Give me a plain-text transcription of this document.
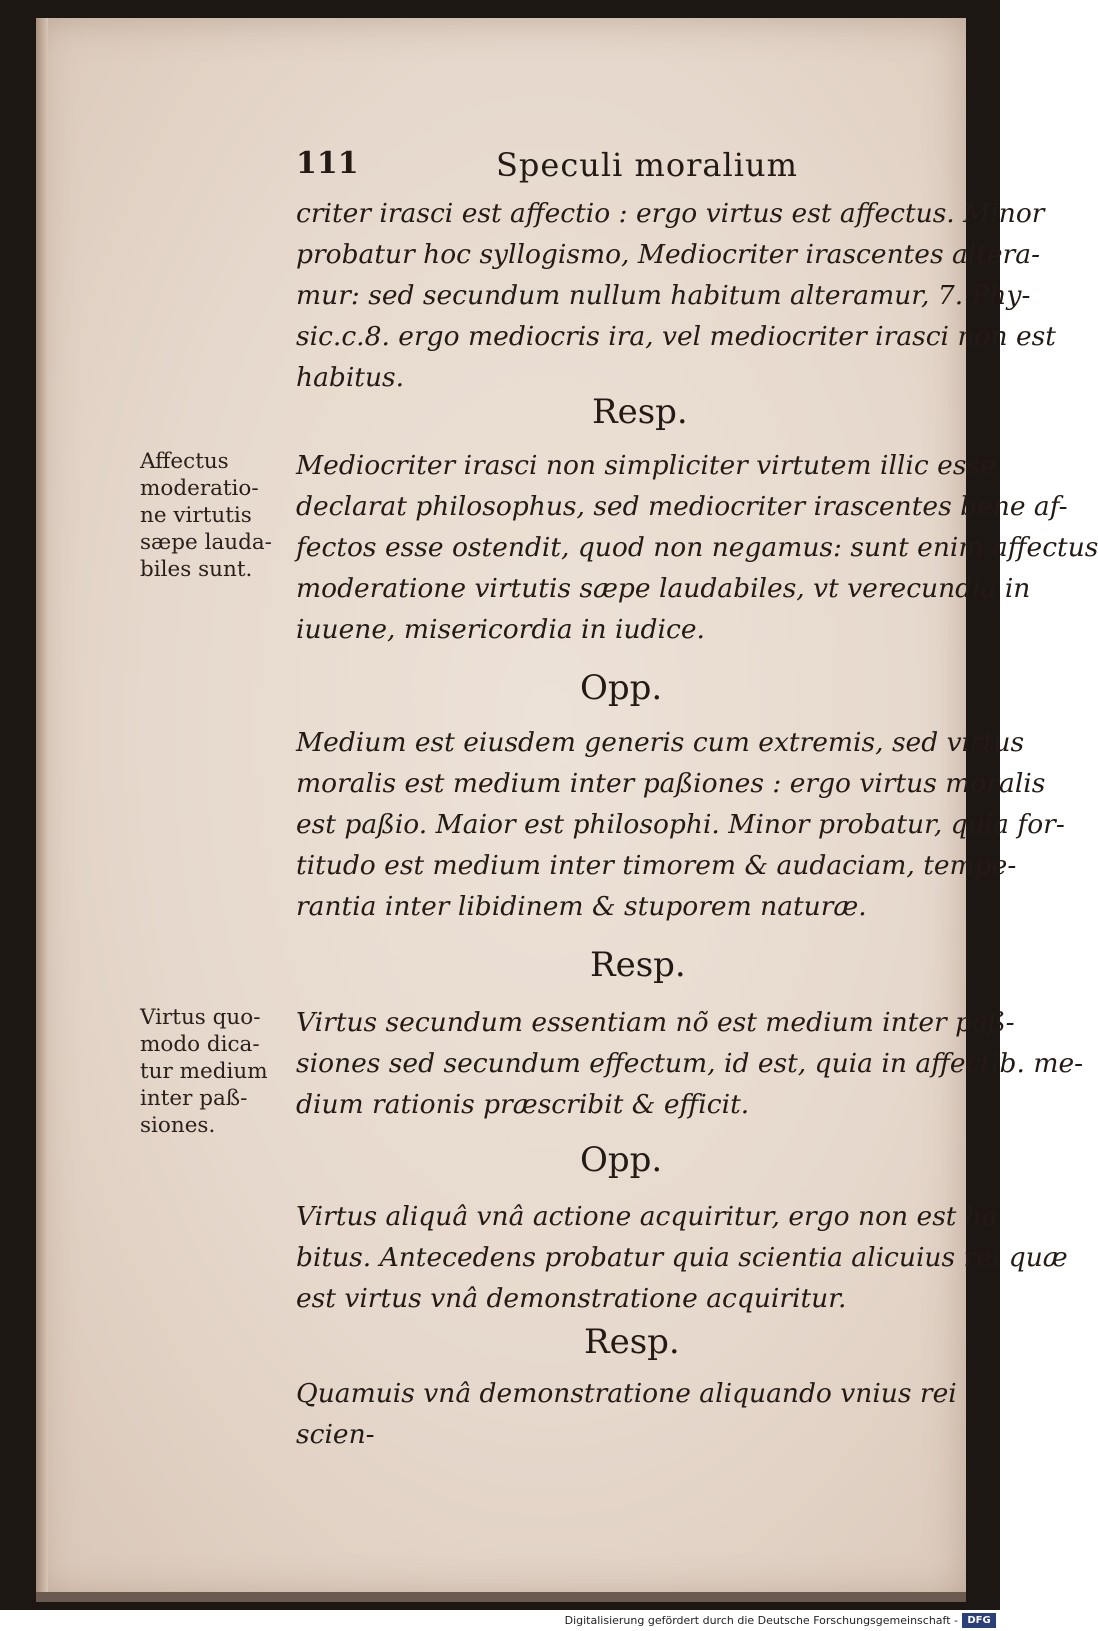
111	Speculi moralium
criter irasci est affectio : ergo virtus est affectus. Minor
probatur hoc syllogismo, Mediocriter irascentes altera-
mur: sed secundum nullum habitum alteramur, 7. Phy-
sic.c.8. ergo mediocris ira, vel mediocriter irasci non est
habitus.
Resp.
Mediocriter irasci non simpliciter virtutem illic esse
declarat philosophus, sed mediocriter irascentes bene af-
fectos esse ostendit, quod non negamus: sunt enim affectus
moderatione virtutis sæpe laudabiles, vt verecundia in
iuuene, misericordia in iudice.
Opp.
Medium est eiusdem generis cum extremis, sed virtus
moralis est medium inter paßiones : ergo virtus moralis
est paßio. Maior est philosophi. Minor probatur, quia for-
titudo est medium inter timorem & audaciam, tempe-
rantia inter libidinem & stuporem naturæ.
Resp.
Virtus secundum essentiam nõ est medium inter paß-
siones sed secundum effectum, id est, quia in affectib. me-
dium rationis præscribit & efficit.
Opp.
Virtus aliquâ vnâ actione acquiritur, ergo non est ha
bitus. Antecedens probatur quia scientia alicuius rei quæ
est virtus vnâ demonstratione acquiritur.
Resp.
Quamuis vnâ demonstratione aliquando vnius rei
scien-
Affectus
moderatio-
ne virtutis
sæpe lauda-
biles sunt.
Virtus quo-
modo dica-
tur medium
inter paß-
siones.
Digitalisierung gefördert durch die Deutsche Forschungsgemeinschaft - DFG
